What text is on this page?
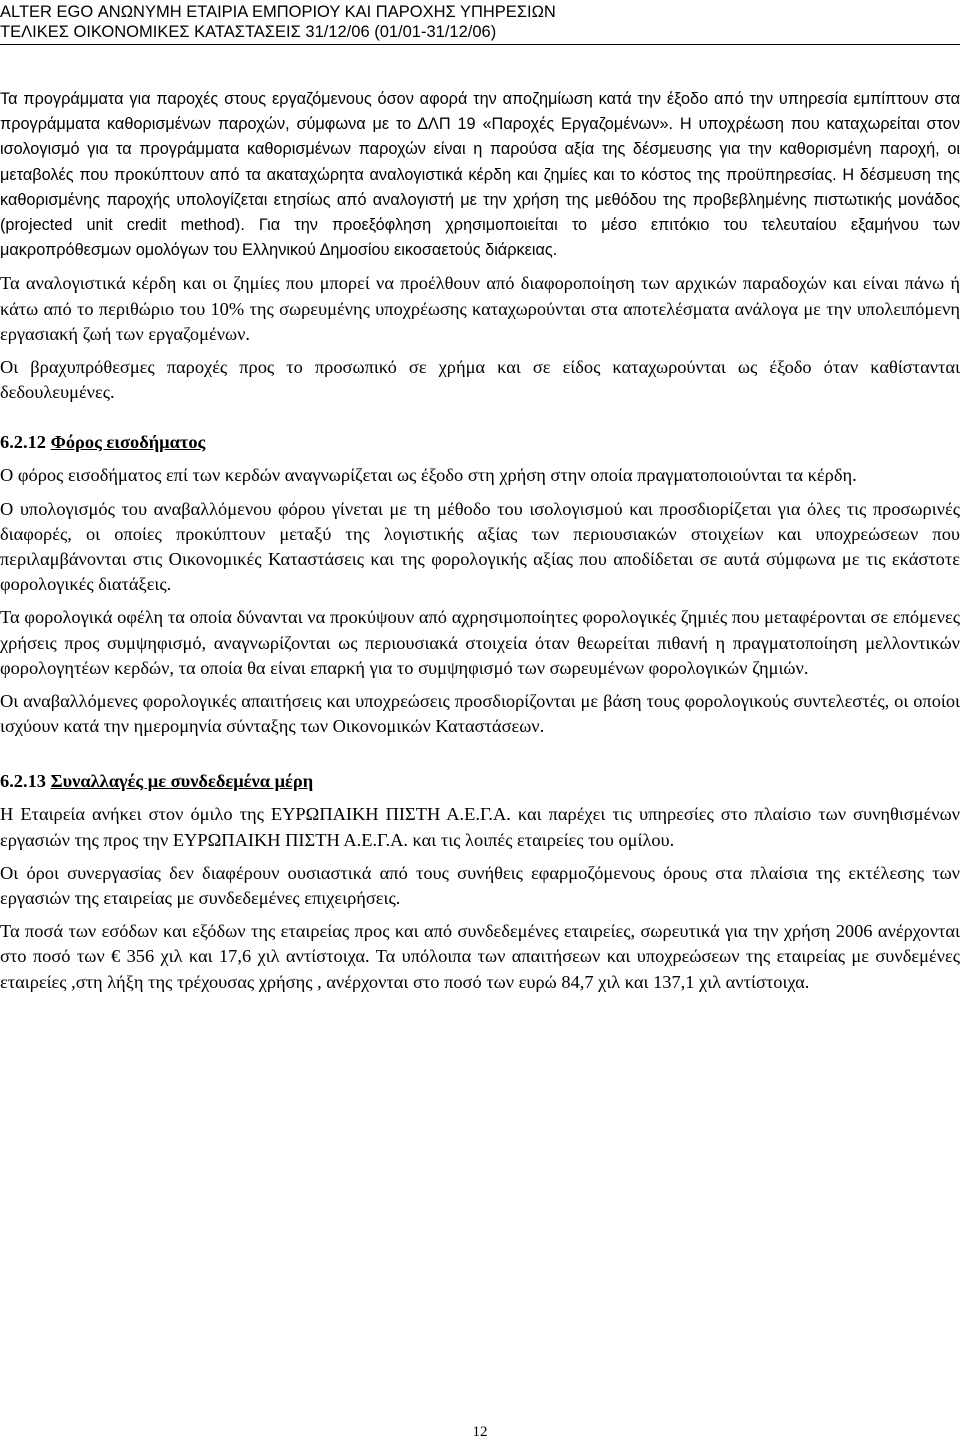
ALTER EGO ΑΝΩΝΥΜΗ ΕΤΑΙΡΙΑ ΕΜΠΟΡΙΟΥ ΚΑΙ ΠΑΡΟΧΗΣ ΥΠΗΡΕΣΙΩΝ
ΤΕΛΙΚΕΣ ΟΙΚΟΝΟΜΙΚΕΣ ΚΑΤΑΣΤΑΣΕΙΣ 31/12/06 (01/01-31/12/06)

Τα προγράμματα για παροχές στους εργαζόμενους όσον αφορά την αποζημίωση κατά την έξοδο από την υπηρεσία εμπίπτουν στα προγράμματα καθορισμένων παροχών, σύμφωνα με το ΔΛΠ 19 «Παροχές Εργαζομένων». Η υποχρέωση που καταχωρείται στον ισολογισμό για τα προγράμματα καθορισμένων παροχών είναι η παρούσα αξία της δέσμευσης για την καθορισμένη παροχή, οι μεταβολές που προκύπτουν από τα ακαταχώρητα αναλογιστικά κέρδη και ζημίες και το κόστος της προϋπηρεσίας. Η δέσμευση της καθορισμένης παροχής υπολογίζεται ετησίως από αναλογιστή με την χρήση της μεθόδου της προβεβλημένης πιστωτικής μονάδος (projected unit credit method). Για την προεξόφληση χρησιμοποιείται το μέσο επιτόκιο του τελευταίου εξαμήνου των μακροπρόθεσμων ομολόγων του Ελληνικού Δημοσίου εικοσαετούς διάρκειας.

Τα αναλογιστικά κέρδη και οι ζημίες που μπορεί να προέλθουν από διαφοροποίηση των αρχικών παραδοχών και είναι πάνω ή κάτω από το περιθώριο του 10% της σωρευμένης υποχρέωσης καταχωρούνται στα αποτελέσματα ανάλογα με την υπολειπόμενη εργασιακή ζωή των εργαζομένων.

Οι βραχυπρόθεσμες παροχές προς το προσωπικό σε χρήμα και σε είδος καταχωρούνται ως έξοδο όταν καθίστανται δεδουλευμένες.

6.2.12 Φόρος εισοδήματος

Ο φόρος εισοδήματος επί των κερδών αναγνωρίζεται ως έξοδο στη χρήση στην οποία πραγματοποιούνται τα κέρδη.

Ο υπολογισμός του αναβαλλόμενου φόρου γίνεται με τη μέθοδο του ισολογισμού και προσδιορίζεται για όλες τις προσωρινές διαφορές, οι οποίες προκύπτουν μεταξύ της λογιστικής αξίας των περιουσιακών στοιχείων και υποχρεώσεων που περιλαμβάνονται στις Οικονομικές Καταστάσεις και της φορολογικής αξίας που αποδίδεται σε αυτά σύμφωνα με τις εκάστοτε φορολογικές διατάξεις.

Τα φορολογικά οφέλη τα οποία δύνανται να προκύψουν από αχρησιμοποίητες φορολογικές ζημιές που μεταφέρονται σε επόμενες χρήσεις προς συμψηφισμό, αναγνωρίζονται ως περιουσιακά στοιχεία όταν θεωρείται πιθανή η πραγματοποίηση μελλοντικών φορολογητέων κερδών, τα οποία θα είναι επαρκή για το συμψηφισμό των σωρευμένων φορολογικών ζημιών.

Οι αναβαλλόμενες φορολογικές απαιτήσεις και υποχρεώσεις προσδιορίζονται με βάση τους φορολογικούς συντελεστές, οι οποίοι ισχύουν κατά την ημερομηνία σύνταξης των Οικονομικών Καταστάσεων.

6.2.13 Συναλλαγές με συνδεδεμένα μέρη

Η Εταιρεία ανήκει στον όμιλο της ΕΥΡΩΠΑΙΚΗ ΠΙΣΤΗ Α.Ε.Γ.Α. και παρέχει τις υπηρεσίες στο πλαίσιο των συνηθισμένων εργασιών της προς την ΕΥΡΩΠΑΙΚΗ ΠΙΣΤΗ Α.Ε.Γ.Α. και τις λοιπές εταιρείες του ομίλου.

Οι όροι συνεργασίας δεν διαφέρουν ουσιαστικά από τους συνήθεις εφαρμοζόμενους όρους στα πλαίσια της εκτέλεσης των εργασιών της εταιρείας με συνδεδεμένες επιχειρήσεις.

Τα ποσά των εσόδων και εξόδων της εταιρείας προς και από συνδεδεμένες εταιρείες, σωρευτικά για την χρήση 2006 ανέρχονται στο ποσό των € 356 χιλ και 17,6 χιλ αντίστοιχα. Τα υπόλοιπα των απαιτήσεων και υποχρεώσεων της εταιρείας με συνδεμένες εταιρείες ,στη λήξη της τρέχουσας χρήσης , ανέρχονται στο ποσό των ευρώ 84,7 χιλ και 137,1 χιλ αντίστοιχα.

12
